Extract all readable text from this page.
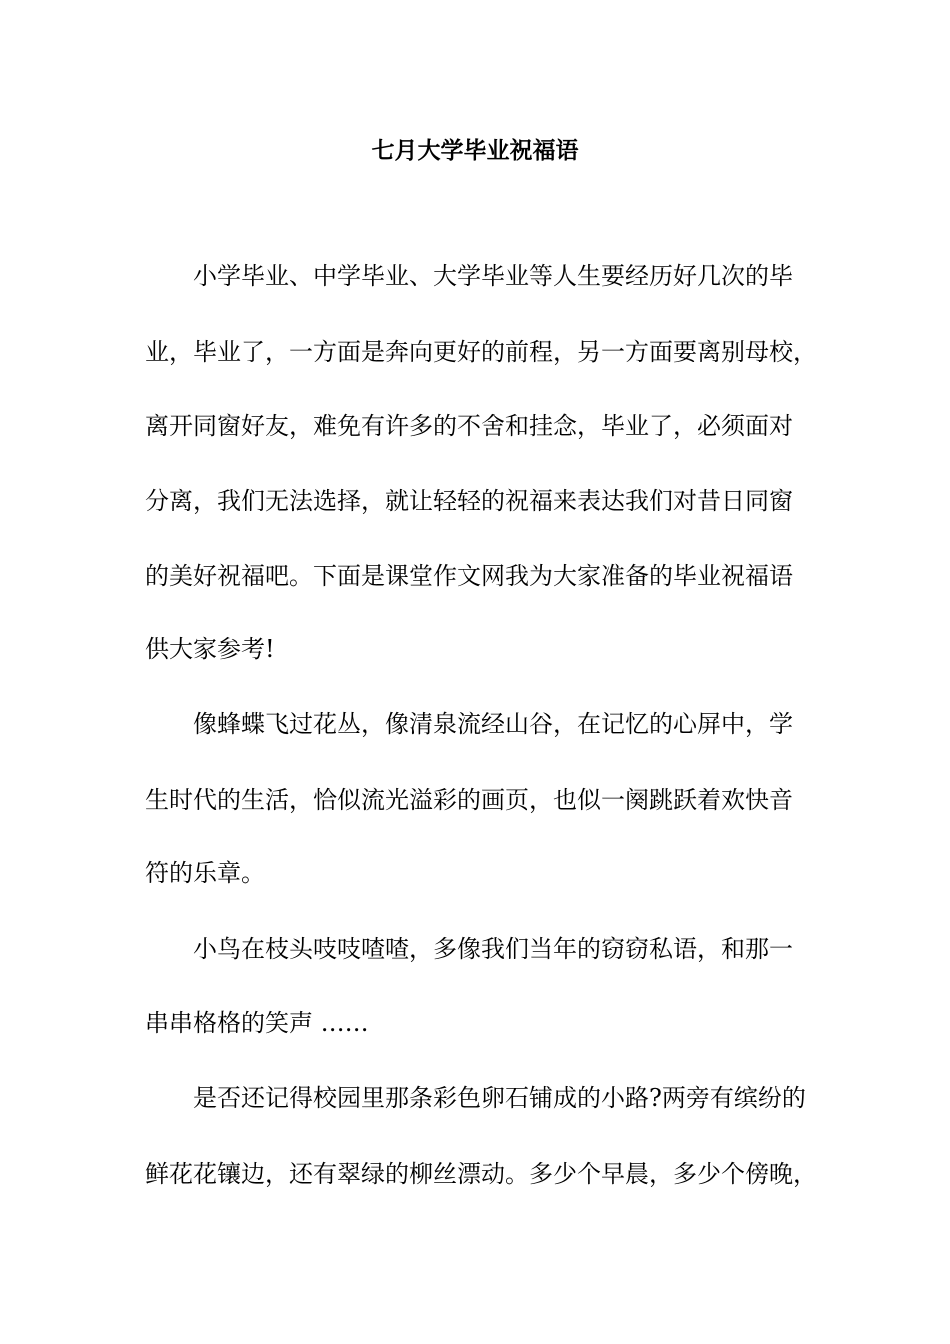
七月大学毕业祝福语
小学毕业、中学毕业、大学毕业等人生要经历好几次的毕
业，毕业了，一方面是奔向更好的前程，另一方面要离别母校，
离开同窗好友，难免有许多的不舍和挂念，毕业了，必须面对
分离，我们无法选择，就让轻轻的祝福来表达我们对昔日同窗
的美好祝福吧。下面是课堂作文网我为大家准备的毕业祝福语
供大家参考!
像蜂蝶飞过花丛，像清泉流经山谷，在记忆的心屏中，学
生时代的生活，恰似流光溢彩的画页，也似一阕跳跃着欢快音
符的乐章。
小鸟在枝头吱吱喳喳，多像我们当年的窃窃私语，和那一
串串格格的笑声 ……
是否还记得校园里那条彩色卵石铺成的小路?两旁有缤纷的
鲜花花镶边，还有翠绿的柳丝漂动。多少个早晨，多少个傍晚，
